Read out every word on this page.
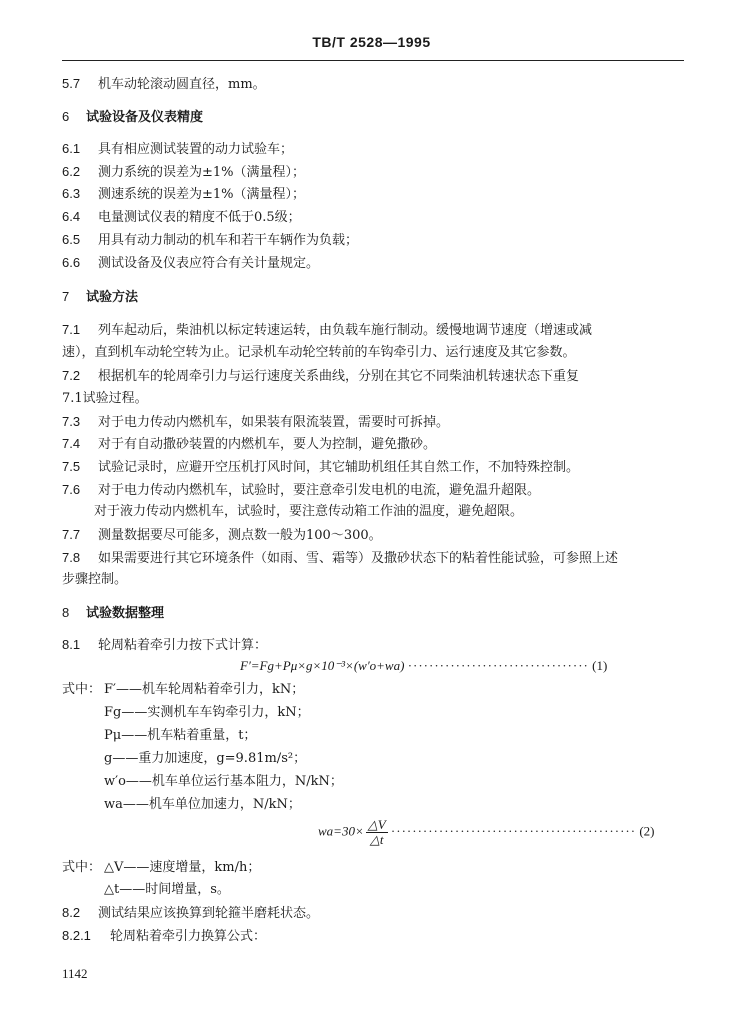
TB/T 2528—1995
5.7 机车动轮滚动圆直径，mm。
6 试验设备及仪表精度
6.1 具有相应测试装置的动力试验车；
6.2 测力系统的误差为±1%（满量程）；
6.3 测速系统的误差为±1%（满量程）；
6.4 电量测试仪表的精度不低于0.5级；
6.5 用具有动力制动的机车和若干车辆作为负载；
6.6 测试设备及仪表应符合有关计量规定。
7 试验方法
7.1 列车起动后，柴油机以标定转速运转，由负载车施行制动。缓慢地调节速度（增速或减
速），直到机车动轮空转为止。记录机车动轮空转前的车钩牵引力、运行速度及其它参数。
7.2 根据机车的轮周牵引力与运行速度关系曲线，分别在其它不同柴油机转速状态下重复
7.1试验过程。
7.3 对于电力传动内燃机车，如果装有限流装置，需要时可拆掉。
7.4 对于有自动撒砂装置的内燃机车，要人为控制，避免撒砂。
7.5 试验记录时，应避开空压机打风时间，其它辅助机组任其自然工作，不加特殊控制。
7.6 对于电力传动内燃机车，试验时，要注意牵引发电机的电流，避免温升超限。
对于液力传动内燃机车，试验时，要注意传动箱工作油的温度，避免超限。
7.7 测量数据要尽可能多，测点数一般为100～300。
7.8 如果需要进行其它环境条件（如雨、雪、霜等）及撒砂状态下的粘着性能试验，可参照上述
步骤控制。
8 试验数据整理
8.1 轮周粘着牵引力按下式计算：
F′=Fg+Pμ×g×10⁻³×(w′o+wa) ·································· (1)
式中： F′——机车轮周粘着牵引力，kN；
Fg——实测机车车钩牵引力，kN；
Pμ——机车粘着重量，t；
g——重力加速度，g=9.81m/s²；
w′o——机车单位运行基本阻力，N/kN；
wa——机车单位加速力，N/kN；
$wa=30\times \frac{\triangle V}{\triangle t}$ ·············································· (2)
式中： △V——速度增量，km/h；
△t——时间增量，s。
8.2 测试结果应该换算到轮箍半磨耗状态。
8.2.1 轮周粘着牵引力换算公式：
1142
